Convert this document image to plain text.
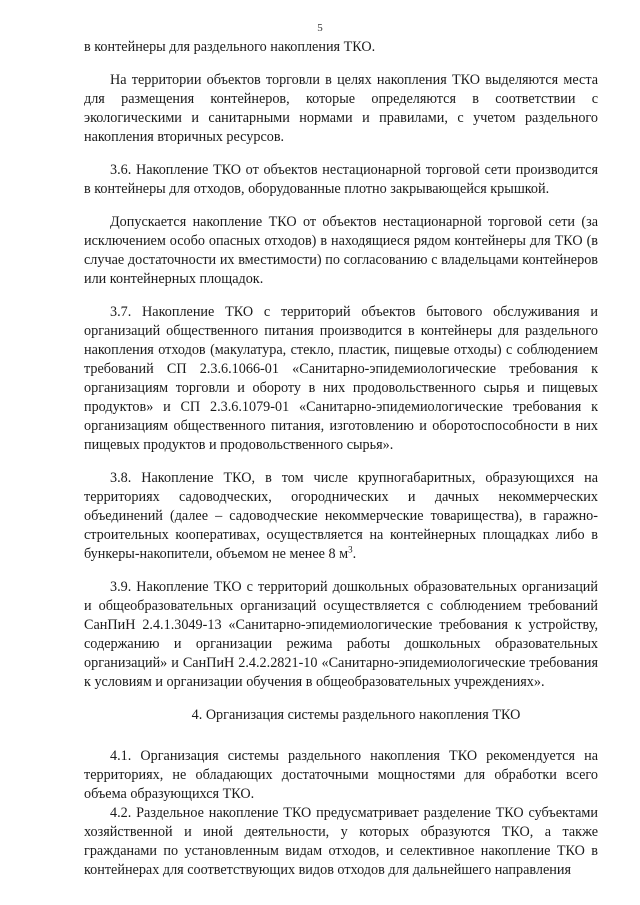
5

в контейнеры для раздельного накопления ТКО.

На территории объектов торговли в целях накопления ТКО выделяются места для размещения контейнеров, которые определяются в соответствии с экологическими и санитарными нормами и правилами, с учетом раздельного накопления вторичных ресурсов.

3.6. Накопление ТКО от объектов нестационарной торговой сети производится в контейнеры для отходов, оборудованные плотно закрывающейся крышкой.

Допускается накопление ТКО от объектов нестационарной торговой сети (за исключением особо опасных отходов) в находящиеся рядом контейнеры для ТКО (в случае достаточности их вместимости) по согласованию с владельцами контейнеров или контейнерных площадок.

3.7. Накопление ТКО с территорий объектов бытового обслуживания и организаций общественного питания производится в контейнеры для раздельного накопления отходов (макулатура, стекло, пластик, пищевые отходы) с соблюдением требований СП 2.3.6.1066-01 «Санитарно-эпидемиологические требования к организациям торговли и обороту в них продовольственного сырья и пищевых продуктов» и СП 2.3.6.1079-01 «Санитарно-эпидемиологические требования к организациям общественного питания, изготовлению и оборотоспособности в них пищевых продуктов и продовольственного сырья».

3.8. Накопление ТКО, в том числе крупногабаритных, образующихся на территориях садоводческих, огороднических и дачных некоммерческих объединений (далее – садоводческие некоммерческие товарищества), в гаражно-строительных кооперативах, осуществляется на контейнерных площадках либо в бункеры-накопители, объемом не менее 8 $м^3$.

3.9. Накопление ТКО с территорий дошкольных образовательных организаций и общеобразовательных организаций осуществляется с соблюдением требований СанПиН 2.4.1.3049-13 «Санитарно-эпидемиологические требования к устройству, содержанию и организации режима работы дошкольных образовательных организаций» и СанПиН 2.4.2.2821-10 «Санитарно-эпидемиологические требования к условиям и организации обучения в общеобразовательных учреждениях».

4. Организация системы раздельного накопления ТКО

4.1. Организация системы раздельного накопления ТКО рекомендуется на территориях, не обладающих достаточными мощностями для обработки всего объема образующихся ТКО.

4.2. Раздельное накопление ТКО предусматривает разделение ТКО субъектами хозяйственной и иной деятельности, у которых образуются ТКО, а также гражданами по установленным видам отходов, и селективное накопление ТКО в контейнерах для соответствующих видов отходов для дальнейшего направления
